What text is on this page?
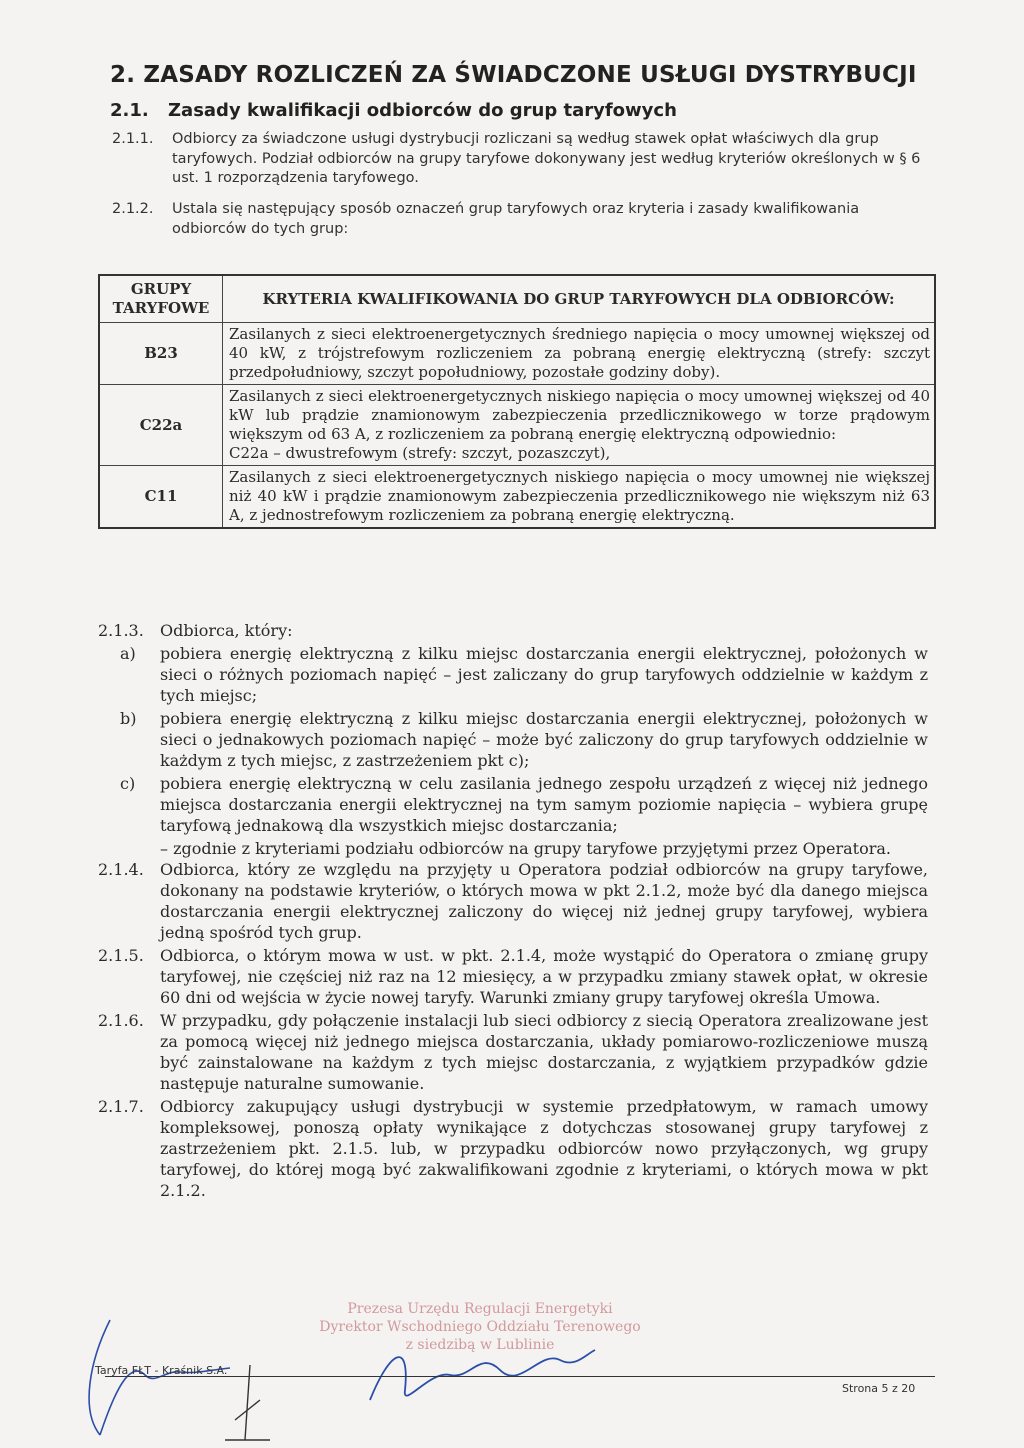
2. ZASADY ROZLICZEŃ ZA ŚWIADCZONE USŁUGI DYSTRYBUCJI
2.1. Zasady kwalifikacji odbiorców do grup taryfowych
2.1.1. Odbiorcy za świadczone usługi dystrybucji rozliczani są według stawek opłat właściwych dla grup taryfowych. Podział odbiorców na grupy taryfowe dokonywany jest według kryteriów określonych w § 6 ust. 1 rozporządzenia taryfowego.
2.1.2. Ustala się następujący sposób oznaczeń grup taryfowych oraz kryteria i zasady kwalifikowania odbiorców do tych grup:
GRUPY TARYFOWE	KRYTERIA KWALIFIKOWANIA DO GRUP TARYFOWYCH DLA ODBIORCÓW:
B23	Zasilanych z sieci elektroenergetycznych średniego napięcia o mocy umownej większej od 40 kW, z trójstrefowym rozliczeniem za pobraną energię elektryczną (strefy: szczyt przedpołudniowy, szczyt popołudniowy, pozostałe godziny doby).
C22a	Zasilanych z sieci elektroenergetycznych niskiego napięcia o mocy umownej większej od 40 kW lub prądzie znamionowym zabezpieczenia przedlicznikowego w torze prądowym większym od 63 A, z rozliczeniem za pobraną energię elektryczną odpowiednio:
C22a – dwustrefowym (strefy: szczyt, pozaszczyt),

C11	Zasilanych z sieci elektroenergetycznych niskiego napięcia o mocy umownej nie większej niż 40 kW i prądzie znamionowym zabezpieczenia przedlicznikowego nie większym niż 63 A, z jednostrefowym rozliczeniem za pobraną energię elektryczną.
2.1.3. Odbiorca, który:
a) pobiera energię elektryczną z kilku miejsc dostarczania energii elektrycznej, położonych w sieci o różnych poziomach napięć – jest zaliczany do grup taryfowych oddzielnie w każdym z tych miejsc;
b) pobiera energię elektryczną z kilku miejsc dostarczania energii elektrycznej, położonych w sieci o jednakowych poziomach napięć – może być zaliczony do grup taryfowych oddzielnie w każdym z tych miejsc, z zastrzeżeniem pkt c);
c) pobiera energię elektryczną w celu zasilania jednego zespołu urządzeń z więcej niż jednego miejsca dostarczania energii elektrycznej na tym samym poziomie napięcia – wybiera grupę taryfową jednakową dla wszystkich miejsc dostarczania;
– zgodnie z kryteriami podziału odbiorców na grupy taryfowe przyjętymi przez Operatora.
2.1.4. Odbiorca, który ze względu na przyjęty u Operatora podział odbiorców na grupy taryfowe, dokonany na podstawie kryteriów, o których mowa w pkt 2.1.2, może być dla danego miejsca dostarczania energii elektrycznej zaliczony do więcej niż jednej grupy taryfowej, wybiera jedną spośród tych grup.
2.1.5. Odbiorca, o którym mowa w ust. w pkt. 2.1.4, może wystąpić do Operatora o zmianę grupy taryfowej, nie częściej niż raz na 12 miesięcy, a w przypadku zmiany stawek opłat, w okresie 60 dni od wejścia w życie nowej taryfy. Warunki zmiany grupy taryfowej określa Umowa.
2.1.6. W przypadku, gdy połączenie instalacji lub sieci odbiorcy z siecią Operatora zrealizowane jest za pomocą więcej niż jednego miejsca dostarczania, układy pomiarowo-rozliczeniowe muszą być zainstalowane na każdym z tych miejsc dostarczania, z wyjątkiem przypadków gdzie następuje naturalne sumowanie.
2.1.7. Odbiorcy zakupujący usługi dystrybucji w systemie przedpłatowym, w ramach umowy kompleksowej, ponoszą opłaty wynikające z dotychczas stosowanej grupy taryfowej z zastrzeżeniem pkt. 2.1.5. lub, w przypadku odbiorców nowo przyłączonych, wg grupy taryfowej, do której mogą być zakwalifikowani zgodnie z kryteriami, o których mowa w pkt 2.1.2.
Prezesa Urzędu Regulacji Energetyki
Dyrektor Wschodniego Oddziału Terenowego
z siedzibą w Lublinie
Taryfa FŁT - Kraśnik S.A.
Strona 5 z 20
